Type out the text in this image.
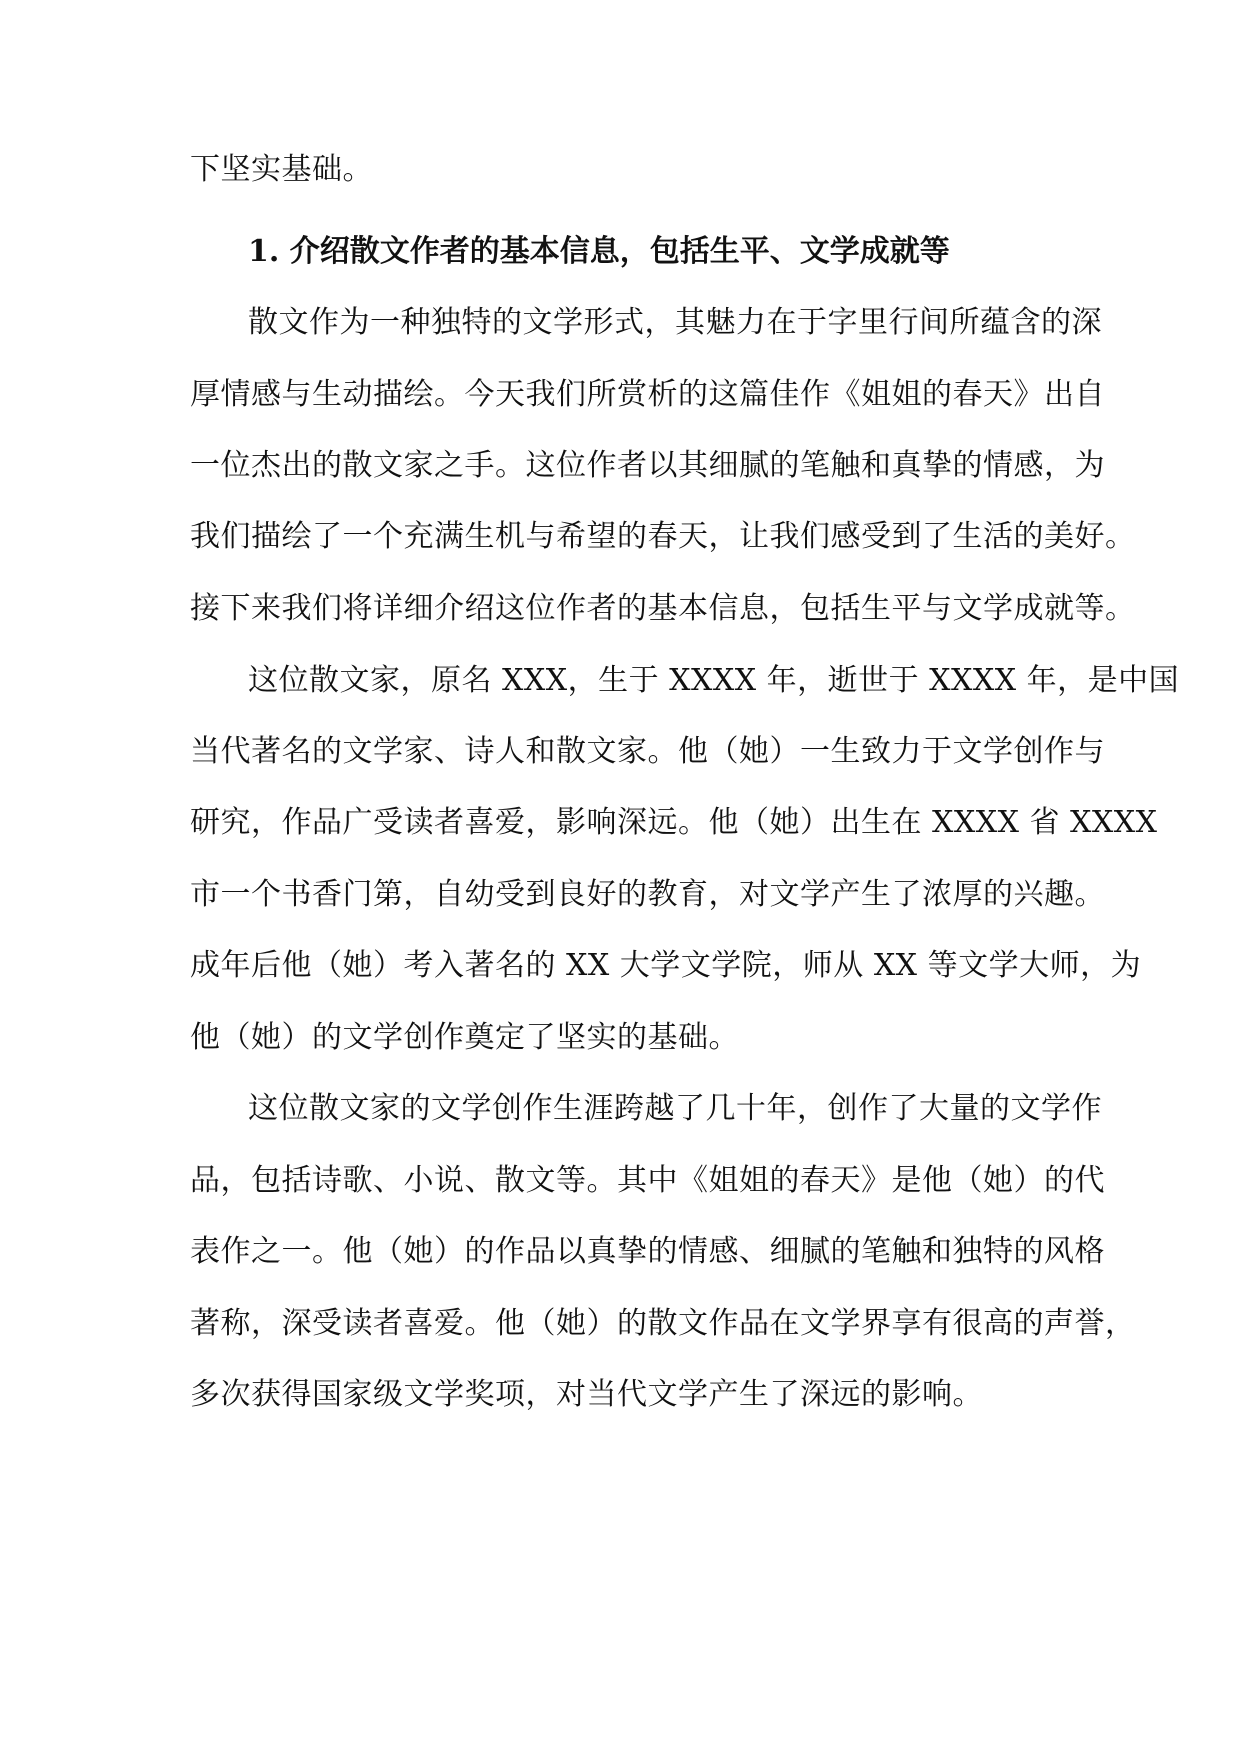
下坚实基础。
1. 介绍散文作者的基本信息，包括生平、文学成就等
散文作为一种独特的文学形式，其魅力在于字里行间所蕴含的深
厚情感与生动描绘。今天我们所赏析的这篇佳作《姐姐的春天》出自
一位杰出的散文家之手。这位作者以其细腻的笔触和真挚的情感，为
我们描绘了一个充满生机与希望的春天，让我们感受到了生活的美好。
接下来我们将详细介绍这位作者的基本信息，包括生平与文学成就等。
这位散文家，原名 XXX，生于 XXXX 年，逝世于 XXXX 年，是中国
当代著名的文学家、诗人和散文家。他（她）一生致力于文学创作与
研究，作品广受读者喜爱，影响深远。他（她）出生在 XXXX 省 XXXX
市一个书香门第，自幼受到良好的教育，对文学产生了浓厚的兴趣。
成年后他（她）考入著名的 XX 大学文学院，师从 XX 等文学大师，为
他（她）的文学创作奠定了坚实的基础。
这位散文家的文学创作生涯跨越了几十年，创作了大量的文学作
品，包括诗歌、小说、散文等。其中《姐姐的春天》是他（她）的代
表作之一。他（她）的作品以真挚的情感、细腻的笔触和独特的风格
著称，深受读者喜爱。他（她）的散文作品在文学界享有很高的声誉，
多次获得国家级文学奖项，对当代文学产生了深远的影响。
